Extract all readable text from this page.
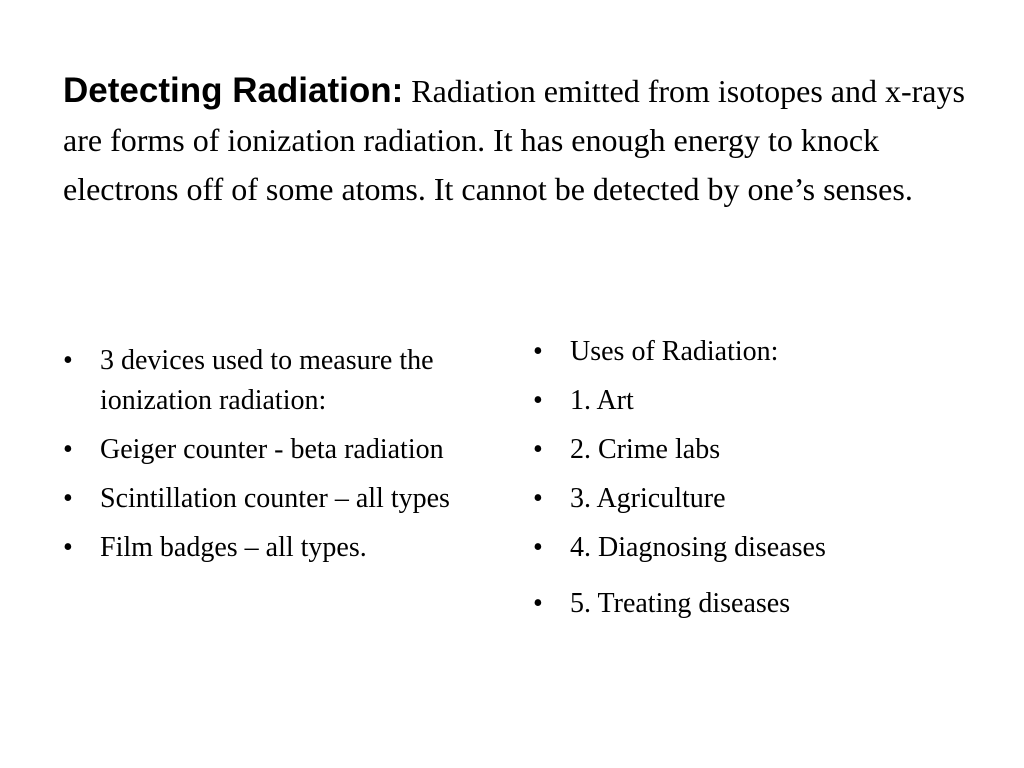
Detecting Radiation: Radiation emitted from isotopes and x-rays are forms of ionization radiation. It has enough energy to knock electrons off of some atoms. It cannot be detected by one’s senses.
• 3 devices used to measure the ionization radiation:
• Geiger counter - beta radiation
• Scintillation counter – all types
• Film badges – all types.
• Uses of Radiation:
• 1. Art
• 2. Crime labs
• 3. Agriculture
• 4. Diagnosing diseases
• 5. Treating diseases
